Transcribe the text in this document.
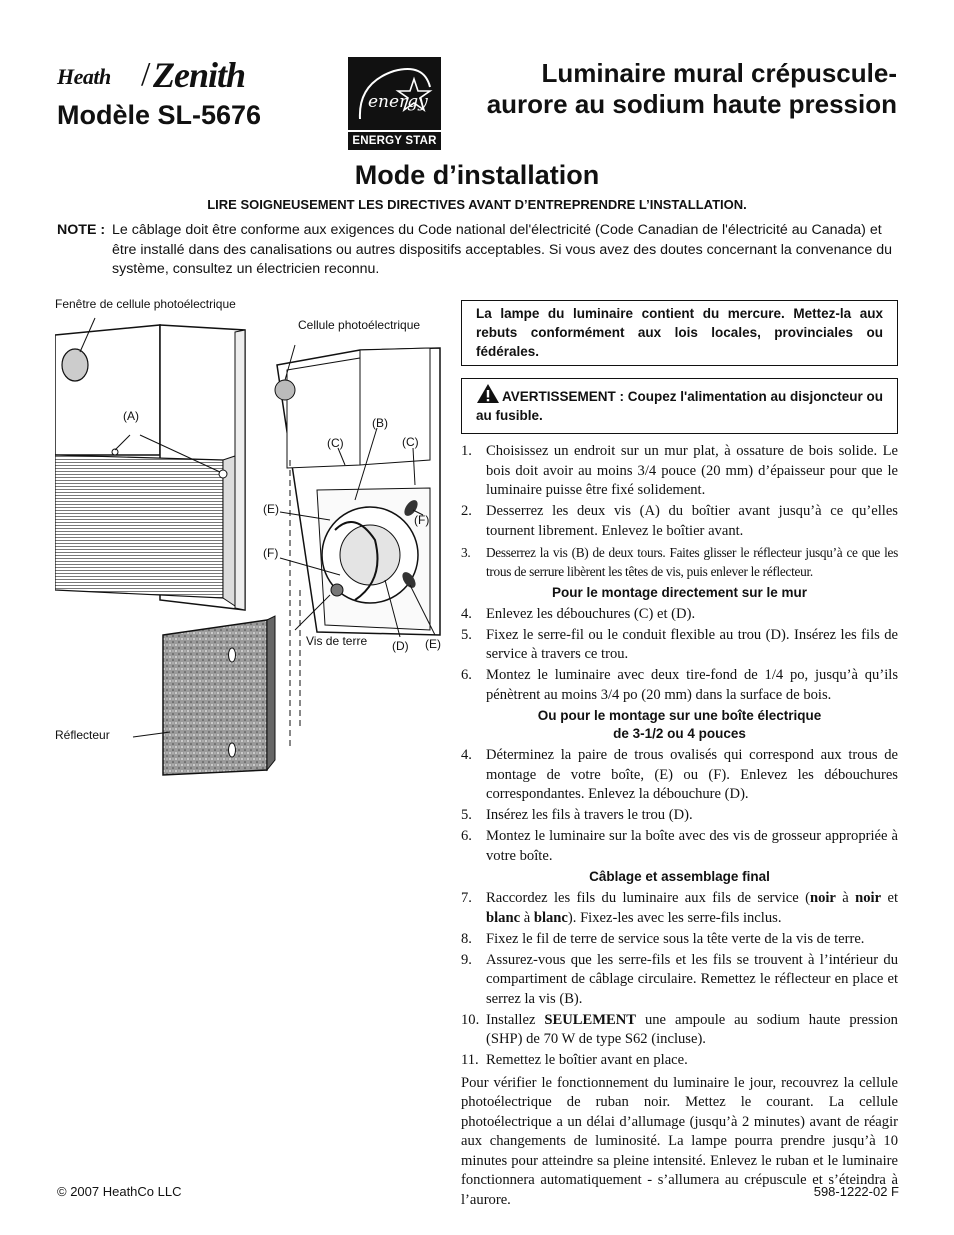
Heath / Zenith
Modèle SL-5676	energy
ENERGY STAR
Luminaire mural crépuscule-
aurore au sodium haute pression
Mode d’installation
LIRE SOIGNEUSEMENT LES DIRECTIVES AVANT D’ENTREPRENDRE L’INSTALLATION.
NOTE : Le câblage doit être conforme aux exigences du Code national del'électricité (Code Canadian de l'électricité au Canada) et être installé dans des canalisations ou autres dispositifs acceptables. Si vous avez des doutes concernant la convenance du système, consultez un électricien reconnu.
Fenêtre de cellule photoélectrique
Cellule photoélectrique
(A)	(B)
(C)	(C)
(E)
(F)
(F)
Vis de terre (D) (E)
Réflecteur
La lampe du luminaire contient du mercure. Mettez-la aux rebuts conformément aux lois locales, provinciales ou fédérales.
AVERTISSEMENT : Coupez l'alimentation au disjoncteur ou au fusible.
1. Choisissez un endroit sur un mur plat, à ossature de bois solide. Le bois doit avoir au moins 3/4 pouce (20 mm) d’épaisseur pour que le luminaire puisse être fixé solidement.
2. Desserrez les deux vis (A) du boîtier avant jusqu’à ce qu’elles tournent librement. Enlevez le boîtier avant.
3. Desserrez la vis (B) de deux tours. Faites glisser le réflecteur jusqu’à ce que les trous de serrure libèrent les têtes de vis, puis enlever le réflecteur.
Pour le montage directement sur le mur
4. Enlevez les débouchures (C) et (D).
5. Fixez le serre-fil ou le conduit flexible au trou (D). Insérez les fils de service à travers ce trou.
6. Montez le luminaire avec deux tire-fond de 1/4 po, jusqu’à qu’ils pénètrent au moins 3/4 po (20 mm) dans la surface de bois.
Ou pour le montage sur une boîte électrique
de 3-1/2 ou 4 pouces
4. Déterminez la paire de trous ovalisés qui correspond aux trous de montage de votre boîte, (E) ou (F). Enlevez les débouchures correspondantes. Enlevez la débouchure (D).
5. Insérez les fils à travers le trou (D).
6. Montez le luminaire sur la boîte avec des vis de grosseur appropriée à votre boîte.
Câblage et assemblage final
7. Raccordez les fils du luminaire aux fils de service (noir à noir et blanc à blanc). Fixez-les avec les serre-fils inclus.
8. Fixez le fil de terre de service sous la tête verte de la vis de terre.
9. Assurez-vous que les serre-fils et les fils se trouvent à l’intérieur du compartiment de câblage circulaire. Remettez le réflecteur en place et serrez la vis (B).
10. Installez SEULEMENT une ampoule au sodium haute pression (SHP) de 70 W de type S62 (incluse).
11. Remettez le boîtier avant en place.
Pour vérifier le fonctionnement du luminaire le jour, recouvrez la cellule photoélectrique de ruban noir. Mettez le courant. La cellule photoélectrique a un délai d’allumage (jusqu’à 2 minutes) avant de réagir aux changements de luminosité. La lampe pourra prendre jusqu’à 10 minutes pour atteindre sa pleine intensité. Enlevez le ruban et le luminaire fonctionnera automatiquement - s’allumera au crépuscule et s’éteindra à l’aurore.
© 2007 HeathCo LLC	598-1222-02 F
